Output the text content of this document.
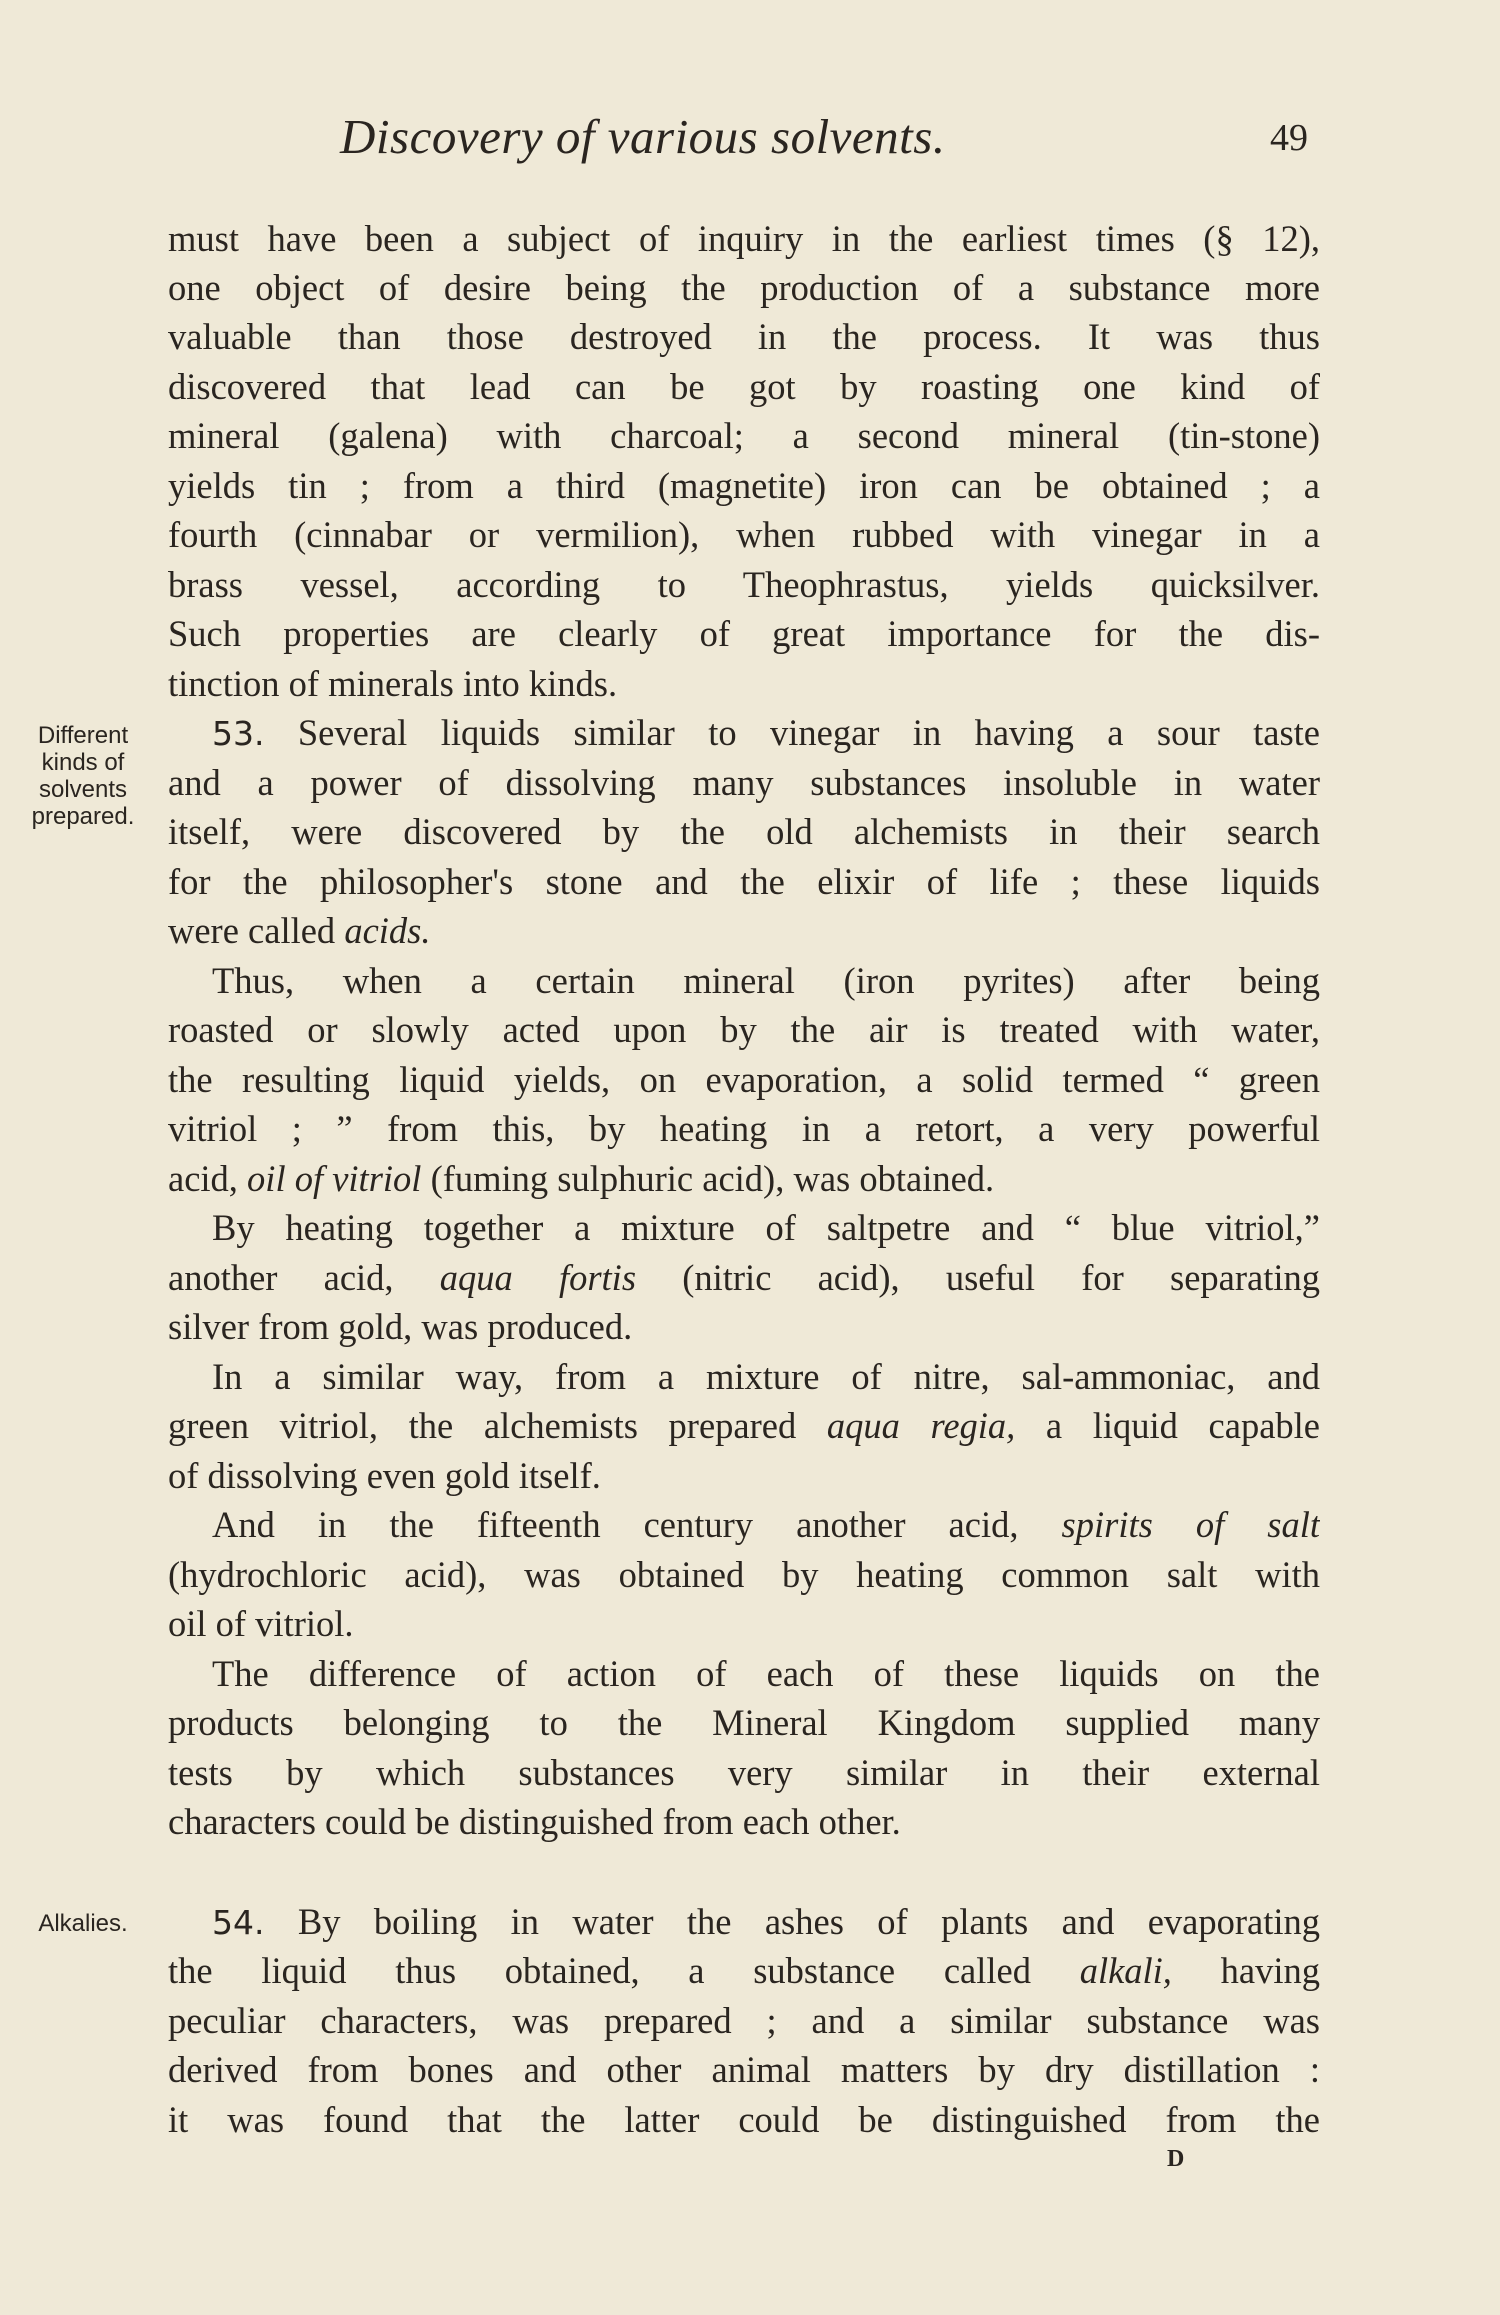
Discovery of various solvents.	49
must have been a subject of inquiry in the earliest times (§ 12),
one object of desire being the production of a substance more
valuable than those destroyed in the process. It was thus
discovered that lead can be got by roasting one kind of
mineral (galena) with charcoal; a second mineral (tin-stone)
yields tin ; from a third (magnetite) iron can be obtained ; a
fourth (cinnabar or vermilion), when rubbed with vinegar in a
brass vessel, according to Theophrastus, yields quicksilver.
Such properties are clearly of great importance for the dis-
tinction of minerals into kinds.
Different
kinds of
solvents
prepared.
53. Several liquids similar to vinegar in having a sour taste
and a power of dissolving many substances insoluble in water
itself, were discovered by the old alchemists in their search
for the philosopher's stone and the elixir of life ; these liquids
were called acids.
Thus, when a certain mineral (iron pyrites) after being
roasted or slowly acted upon by the air is treated with water,
the resulting liquid yields, on evaporation, a solid termed “ green
vitriol ; ” from this, by heating in a retort, a very powerful
acid, oil of vitriol (fuming sulphuric acid), was obtained.
By heating together a mixture of saltpetre and “ blue vitriol,”
another acid, aqua fortis (nitric acid), useful for separating
silver from gold, was produced.
In a similar way, from a mixture of nitre, sal-ammoniac, and
green vitriol, the alchemists prepared aqua regia, a liquid capable
of dissolving even gold itself.
And in the fifteenth century another acid, spirits of salt
(hydrochloric acid), was obtained by heating common salt with
oil of vitriol.
The difference of action of each of these liquids on the
products belonging to the Mineral Kingdom supplied many
tests by which substances very similar in their external
characters could be distinguished from each other.
Alkalies.	54. By boiling in water the ashes of plants and evaporating
the liquid thus obtained, a substance called alkali, having
peculiar characters, was prepared ; and a similar substance was
derived from bones and other animal matters by dry distillation :
it was found that the latter could be distinguished from the
D
